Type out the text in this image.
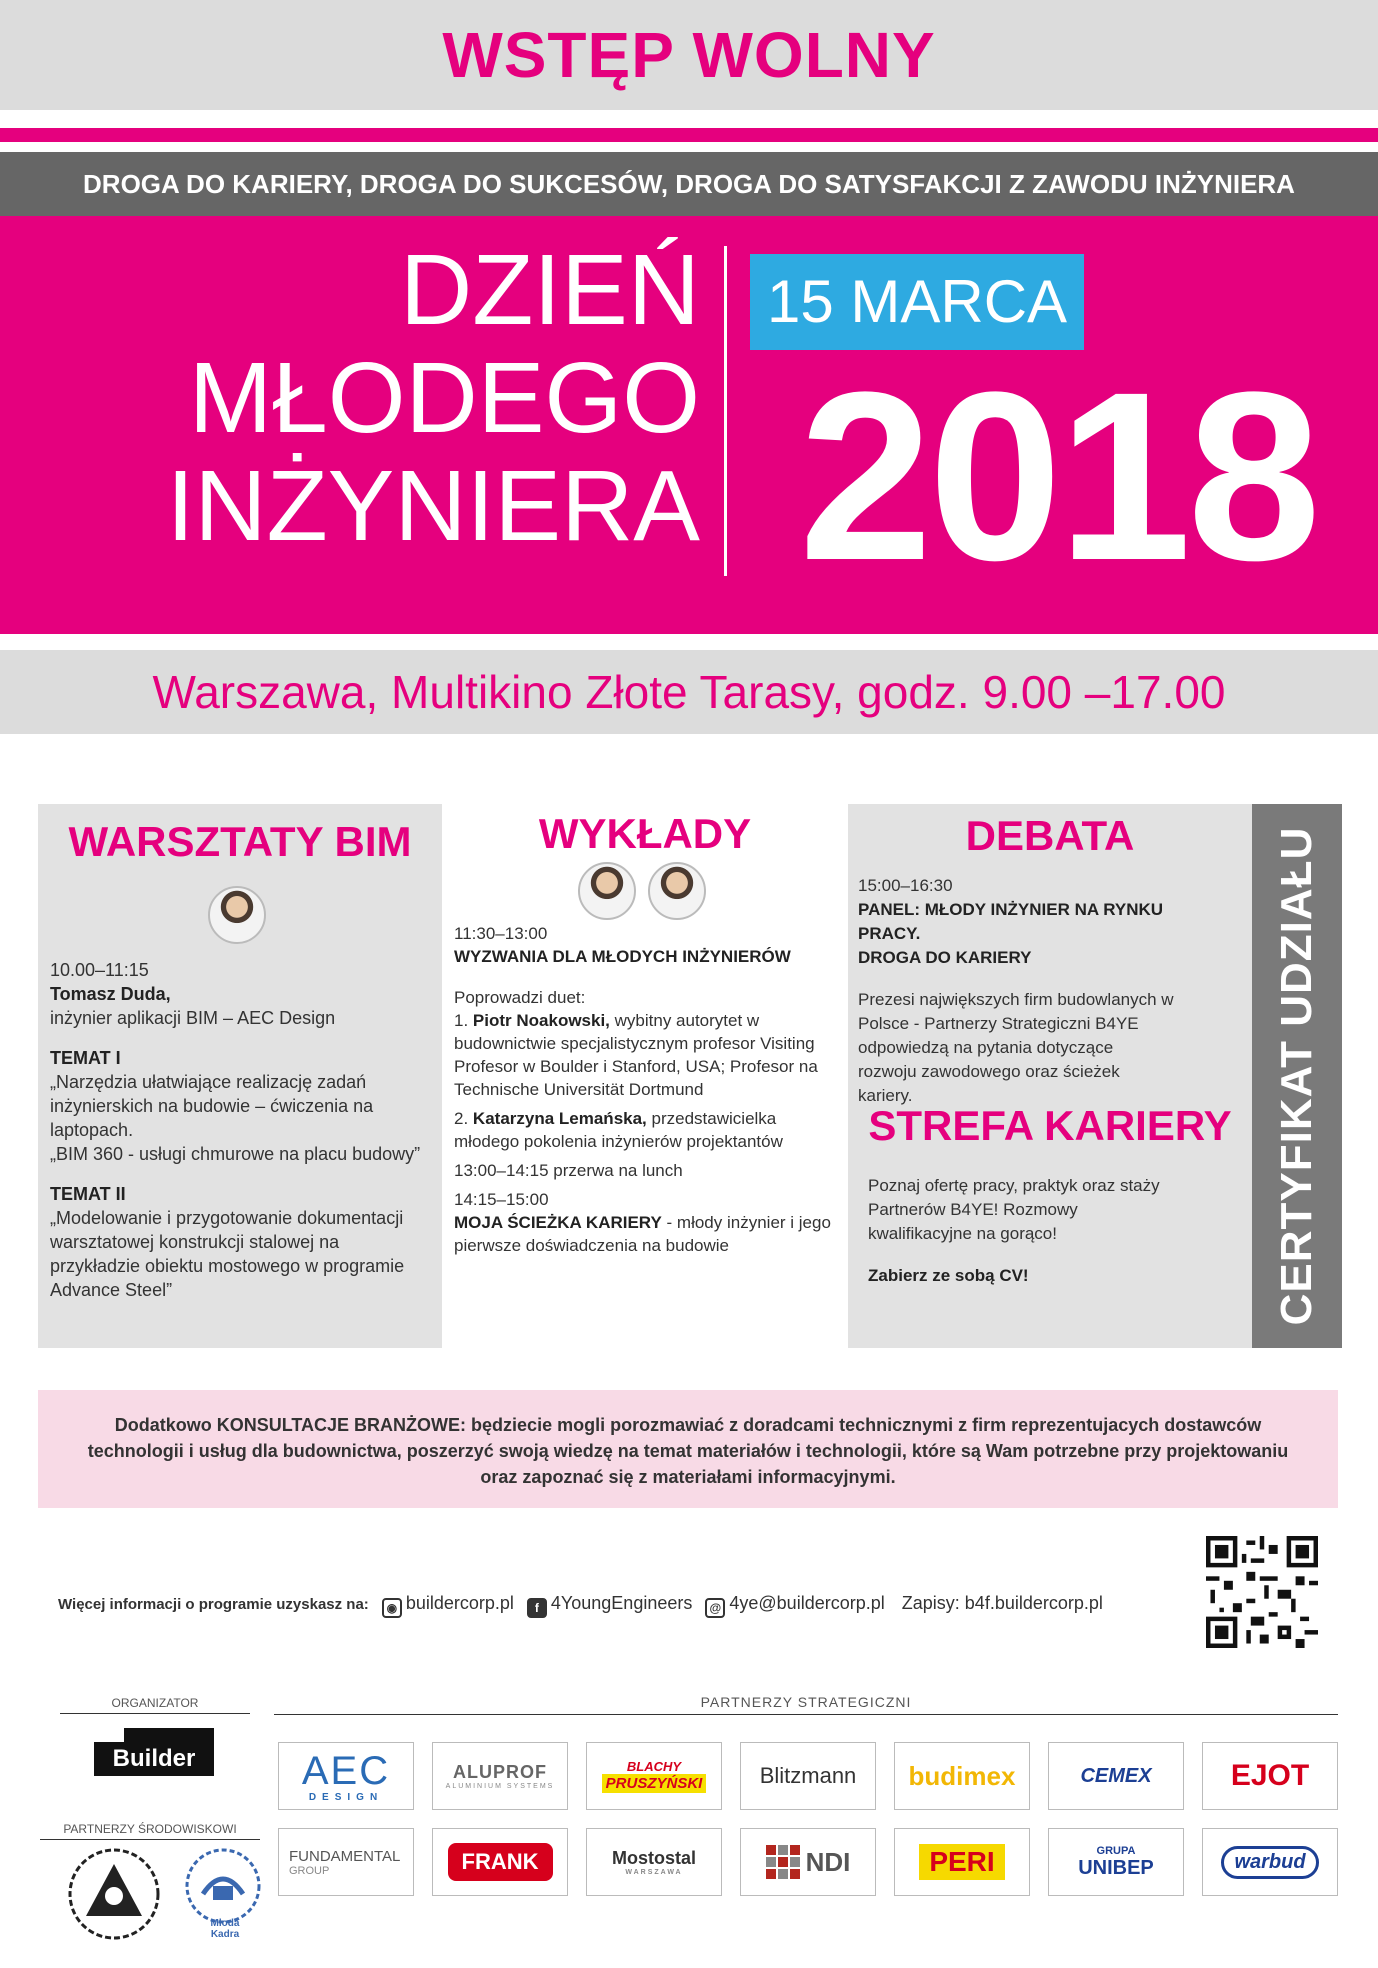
WSTĘP WOLNY
DROGA DO KARIERY, DROGA DO SUKCESÓW, DROGA DO SATYSFAKCJI Z ZAWODU INŻYNIERA
DZIEŃ
MŁODEGO
INŻYNIERA
15 MARCA
2018
Warszawa, Multikino Złote Tarasy, godz. 9.00 –17.00
WARSZTATY BIM

10.00–11:15

Tomasz Duda,

inżynier aplikacji BIM – AEC Design

TEMAT I

„Narzędzia ułatwiające realizację zadań inżynierskich na budowie – ćwiczenia na laptopach.

„BIM 360 - usługi chmurowe na placu budowy”

TEMAT II

„Modelowanie i przygotowanie dokumentacji warsztatowej konstrukcji stalowej na przykładzie obiektu mostowego w programie Advance Steel”

WYKŁADY

11:30–13:00

WYZWANIA DLA MŁODYCH INŻYNIERÓW

Poprowadzi duet:

1. Piotr Noakowski, wybitny autorytet w budownictwie specjalistycznym profesor Visiting Profesor w Boulder i Stanford, USA; Profesor na Technische Universität Dortmund

2. Katarzyna Lemańska, przedstawicielka młodego pokolenia inżynierów projektantów

13:00–14:15 przerwa na lunch

14:15–15:00

MOJA ŚCIEŻKA KARIERY - młody inżynier i jego pierwsze doświadczenia na budowie

DEBATA

15:00–16:30

PANEL: MŁODY INŻYNIER NA RYNKU PRACY.

DROGA DO KARIERY

Prezesi największych firm budowlanych w Polsce - Partnerzy Strategiczni B4YE odpowiedzą na pytania dotyczące rozwoju zawodowego oraz ścieżek kariery.

STREFA KARIERY

Poznaj ofertę pracy, praktyk oraz staży Partnerów B4YE! Rozmowy kwalifikacyjne na gorąco!

Zabierz ze sobą CV!	CERTYFIKAT UDZIAŁU
Dodatkowo KONSULTACJE BRANŻOWE: będziecie mogli porozmawiać z doradcami technicznymi z firm reprezentujacych dostawców technologii i usług dla budownictwa, poszerzyć swoją wiedzę na temat materiałów i technologii, które są Wam potrzebne przy projektowaniu oraz zapoznać się z materiałami informacyjnymi.
Więcej informacji o programie uzyskasz na: ◉ buildercorp.pl f 4YoungEngineers @ 4ye@buildercorp.pl Zapisy: b4f.buildercorp.pl
ORGANIZATOR
Builder
PARTNERZY ŚRODOWISKOWI
Młoda Kadra
PARTNERZY STRATEGICZNI
AEC
DESIGN
ALUPROF
ALUMINIUM SYSTEMS
BLACHY
PRUSZYŃSKI	Blitzmann budimex	CEMEX	EJOT
FUNDAMENTAL
GROUP	FRANK	Mostostal
WARSZAWA	NDI	PERI	GRUPA
UNIBEP	warbud
